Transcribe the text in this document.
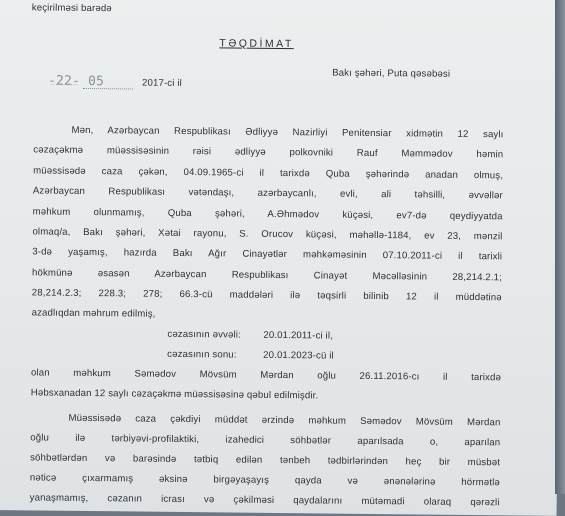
keçirilməsi barədə
TƏQDİMAT
-22- 05	2017-ci il
Bakı şəhəri, Puta qəsəbəsi
Mən, Azərbaycan Respublikası Ədliyyə Nazirliyi Penitensiar xidmətin 12 saylı
cəzaçəkmə müəssisəsinin rəisi ədliyyə polkovniki Rauf Məmmədov həmin
müəssisədə caza çəkən, 04.09.1965-ci il tarixdə Quba şəhərində anadan olmuş,
Azərbaycan Respublikası vətəndaşı, azərbaycanlı, evli, ali təhsilli, əvvəllər
məhkum olunmamış, Quba şəhəri, A.Əhmədov küçəsi, ev7-də qeydiyyatda
olmaq/a, Bakı şəhəri, Xətai rayonu, S. Orucov küçəsi, məhəllə-1184, ev 23, mənzil
3-də yaşamış, hazırda Bakı Ağır Cinayətlər məhkəməsinin 07.10.2011-ci il tarixli
hökmünə əsasən Azərbaycan Respublikası Cinayət Məcəlləsinin 28,214.2.1;
28,214.2.3; 228.3; 278; 66.3-cü maddələri ilə təqsirli bilinib 12 il müddətinə
azadlıqdan məhrum edilmiş,
cəzasının əvvəli: 20.01.2011-ci il,
cəzasının sonu:	20.01.2023-cü il
olan məhkum Səmədov Mövsüm Mərdan oğlu 26.11.2016-cı il tarixdə
Həbsxanadan 12 saylı cəzaçəkmə müəssisəsinə qəbul edilmişdir.
Müəssisədə caza çəkdiyi müddət ərzində məhkum Səmədov Mövsüm Mərdan
oğlu ilə tərbiyəvi-profilaktiki, izahedici söhbətlər aparılsada o, aparılan
söhbətlərdən və barəsində tətbiq edilən tənbeh tədbirlərindən heç bir müsbət
nəticə çıxarmamış əksinə birgəyaşayış qayda və ənənələrinə hörmətlə
yanaşmamış, cəzanın icrası və çəkilməsi qaydalarını mütəmadi olaraq qərəzli
